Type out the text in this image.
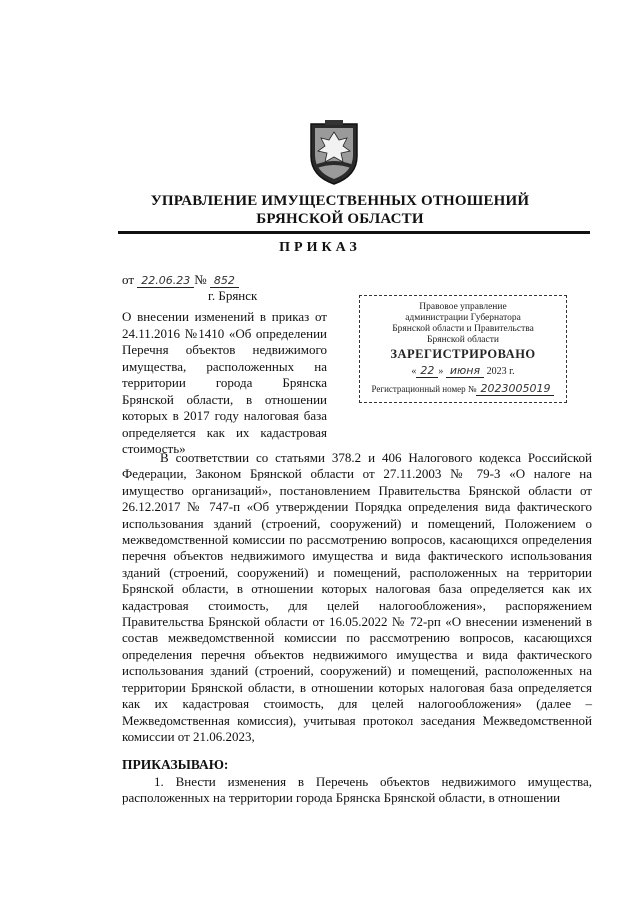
УПРАВЛЕНИЕ ИМУЩЕСТВЕННЫХ ОТНОШЕНИЙ
БРЯНСКОЙ ОБЛАСТИ
ПРИКАЗ
от 22.06.23 № 852
г. Брянск
О внесении изменений в приказ от 24.11.2016 №1410 «Об определении Перечня объектов недвижимого имущества, расположенных на территории города Брянска Брянской области, в отношении которых в 2017 году налоговая база определяется как их кадастровая стоимость»
Правовое управление
администрации Губернатора
Брянской области и Правительства
Брянской области
ЗАРЕГИСТРИРОВАНО
« 22 » июня 2023 г.
Регистрационный номер № 2023005019

В соответствии со статьями 378.2 и 406 Налогового кодекса Российской Федерации, Законом Брянской области от 27.11.2003 № 79-З «О налоге на имущество организаций», постановлением Правительства Брянской области от 26.12.2017 № 747-п «Об утверждении Порядка определения вида фактического использования зданий (строений, сооружений) и помещений, Положением о межведомственной комиссии по рассмотрению вопросов, касающихся определения перечня объектов недвижимого имущества и вида фактического использования зданий (строений, сооружений) и помещений, расположенных на территории Брянской области, в отношении которых налоговая база определяется как их кадастровая стоимость, для целей налогообложения», распоряжением Правительства Брянской области от 16.05.2022 № 72-рп «О внесении изменений в состав межведомственной комиссии по рассмотрению вопросов, касающихся определения перечня объектов недвижимого имущества и вида фактического использования зданий (строений, сооружений) и помещений, расположенных на территории Брянской области, в отношении которых налоговая база определяется как их кадастровая стоимость, для целей налогообложения» (далее – Межведомственная комиссия), учитывая протокол заседания Межведомственной комиссии от 21.06.2023,

ПРИКАЗЫВАЮ:
1. Внести изменения в Перечень объектов недвижимого имущества, расположенных на территории города Брянска Брянской области, в отношении
